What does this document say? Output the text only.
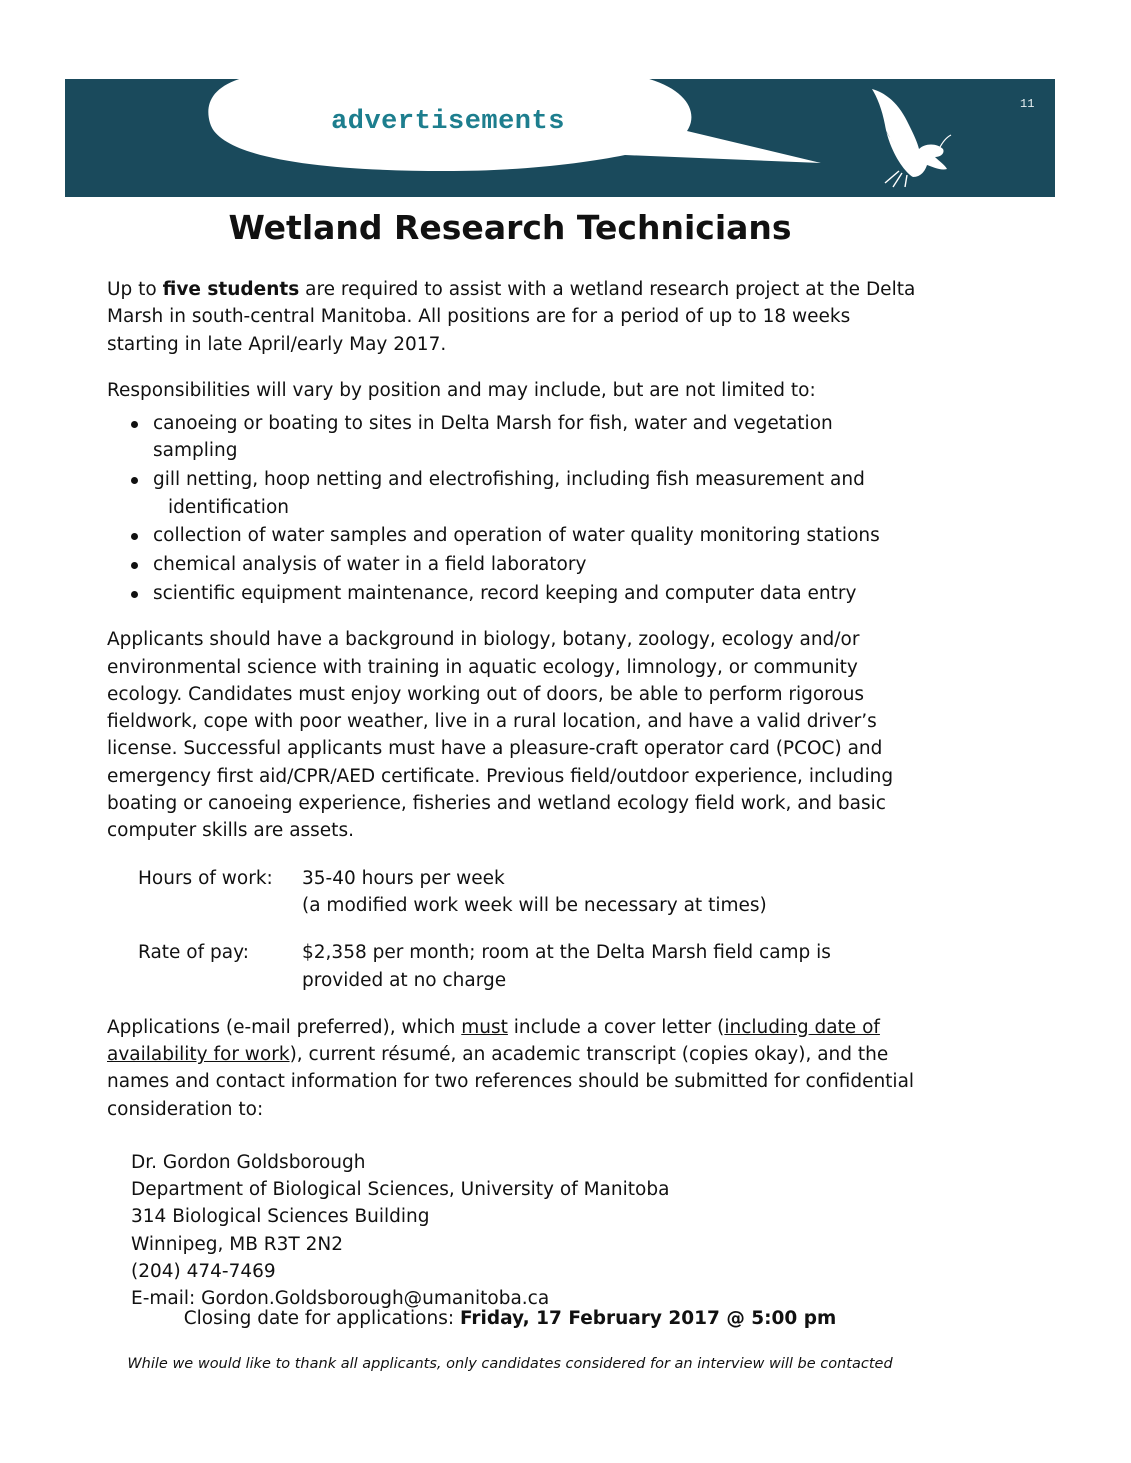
advertisements
11
Wetland Research Technicians

Up to five students are required to assist with a wetland research project at the Delta Marsh in south-central Manitoba. All positions are for a period of up to 18 weeks starting in late April/early May 2017.

Responsibilities will vary by position and may include, but are not limited to:

canoeing or boating to sites in Delta Marsh for fish, water and vegetation sampling
gill netting, hoop netting and electrofishing, including fish measurement and
identification
collection of water samples and operation of water quality monitoring stations
chemical analysis of water in a field laboratory
scientific equipment maintenance, record keeping and computer data entry

Applicants should have a background in biology, botany, zoology, ecology and/or environmental science with training in aquatic ecology, limnology, or community ecology. Candidates must enjoy working out of doors, be able to perform rigorous fieldwork, cope with poor weather, live in a rural location, and have a valid driver’s license. Successful applicants must have a pleasure-craft operator card (PCOC) and emergency first aid/CPR/AED certificate. Previous field/outdoor experience, including boating or canoeing experience, fisheries and wetland ecology field work, and basic computer skills are assets.

Hours of work:	35-40 hours per week
(a modified work week will be necessary at times)
Rate of pay:	$2,358 per month; room at the Delta Marsh field camp is provided at no charge

Applications (e-mail preferred), which must include a cover letter (including date of availability for work), current résumé, an academic transcript (copies okay), and the names and contact information for two references should be submitted for confidential consideration to:

Dr. Gordon Goldsborough
Department of Biological Sciences, University of Manitoba
314 Biological Sciences Building
Winnipeg, MB R3T 2N2
(204) 474-7469
E-mail: Gordon.Goldsborough@umanitoba.ca
Closing date for applications: Friday, 17 February 2017 @ 5:00 pm
While we would like to thank all applicants, only candidates considered for an interview will be contacted
